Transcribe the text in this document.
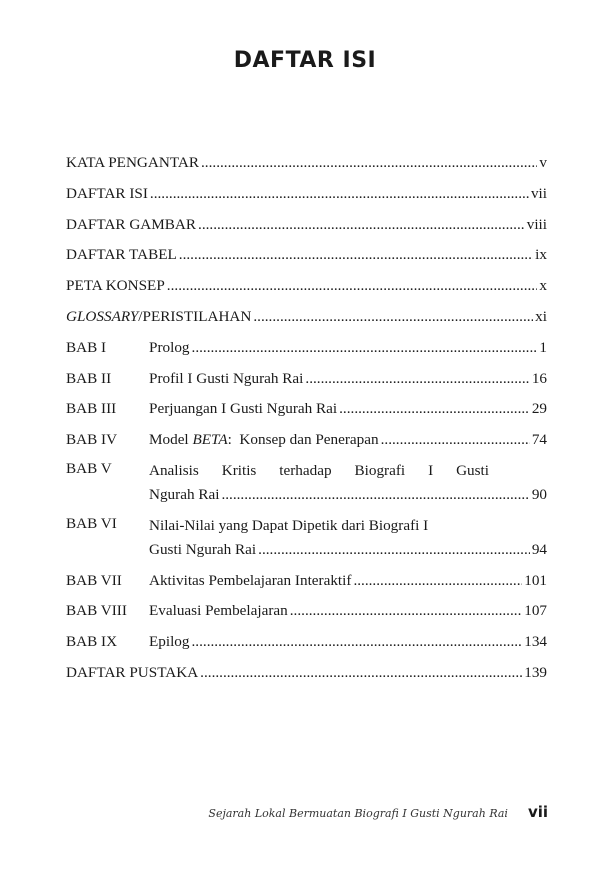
DAFTAR ISI
KATA PENGANTAR .....	v
DAFTAR ISI .....	vii
DAFTAR GAMBAR .....	viii
DAFTAR TABEL .....	ix
PETA KONSEP .....	x
GLOSSARY/PERISTILAHAN .....	xi
BAB I	Prolog .....	1
BAB II	Profil I Gusti Ngurah Rai .....	16
BAB III	Perjuangan I Gusti Ngurah Rai .....	29
BAB IV	Model BETA:  Konsep dan Penerapan .....	74
BAB V	Analisis Kritis terhadap Biografi I Gusti
Ngurah Rai .....	90
BAB VI	Nilai-Nilai yang Dapat Dipetik dari Biografi I
Gusti Ngurah Rai .....	94
BAB VII	Aktivitas Pembelajaran Interaktif .....	101
BAB VIII	Evaluasi Pembelajaran .....	107
BAB IX	Epilog .....	134
DAFTAR PUSTAKA .....	139
Sejarah Lokal Bermuatan Biografi I Gusti Ngurah Rai vii
